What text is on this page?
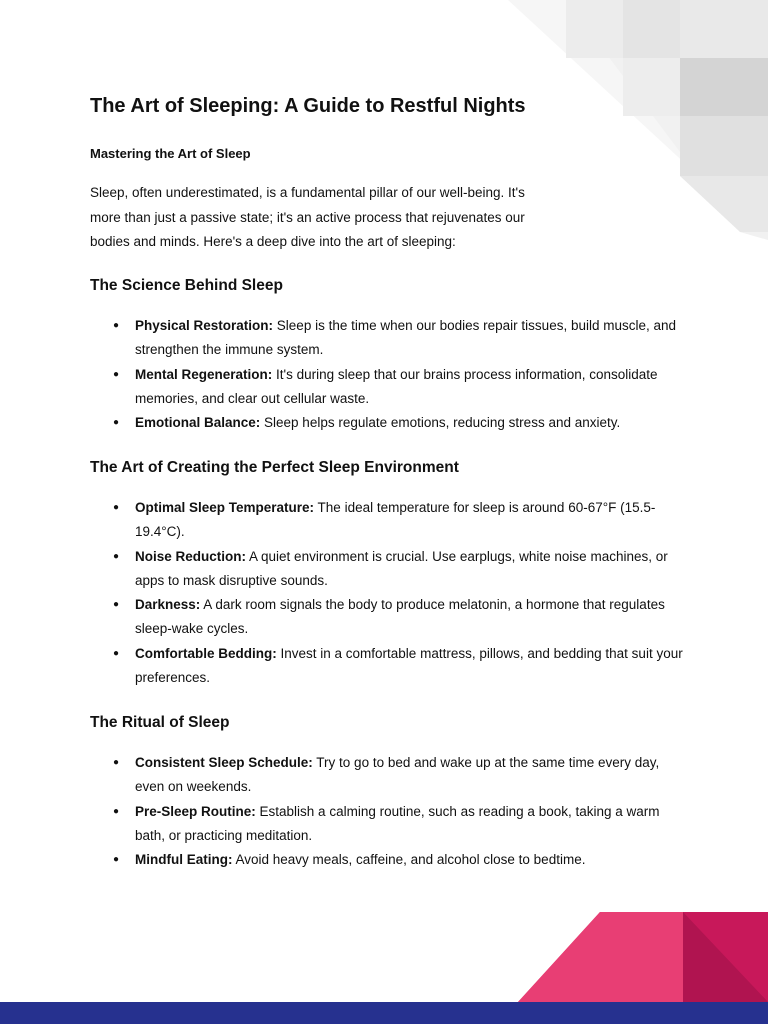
The Art of Sleeping: A Guide to Restful Nights
Mastering the Art of Sleep

Sleep, often underestimated, is a fundamental pillar of our well-being. It's more than just a passive state; it's an active process that rejuvenates our bodies and minds. Here's a deep dive into the art of sleeping:

The Science Behind Sleep
● Physical Restoration: Sleep is the time when our bodies repair tissues, build muscle, and strengthen the immune system.
● Mental Regeneration: It's during sleep that our brains process information, consolidate memories, and clear out cellular waste.
● Emotional Balance: Sleep helps regulate emotions, reducing stress and anxiety.
The Art of Creating the Perfect Sleep Environment
● Optimal Sleep Temperature: The ideal temperature for sleep is around 60-67°F (15.5-19.4°C).
● Noise Reduction: A quiet environment is crucial. Use earplugs, white noise machines, or apps to mask disruptive sounds.
● Darkness: A dark room signals the body to produce melatonin, a hormone that regulates sleep-wake cycles.
● Comfortable Bedding: Invest in a comfortable mattress, pillows, and bedding that suit your preferences.
The Ritual of Sleep
● Consistent Sleep Schedule: Try to go to bed and wake up at the same time every day, even on weekends.
● Pre-Sleep Routine: Establish a calming routine, such as reading a book, taking a warm bath, or practicing meditation.
● Mindful Eating: Avoid heavy meals, caffeine, and alcohol close to bedtime.
